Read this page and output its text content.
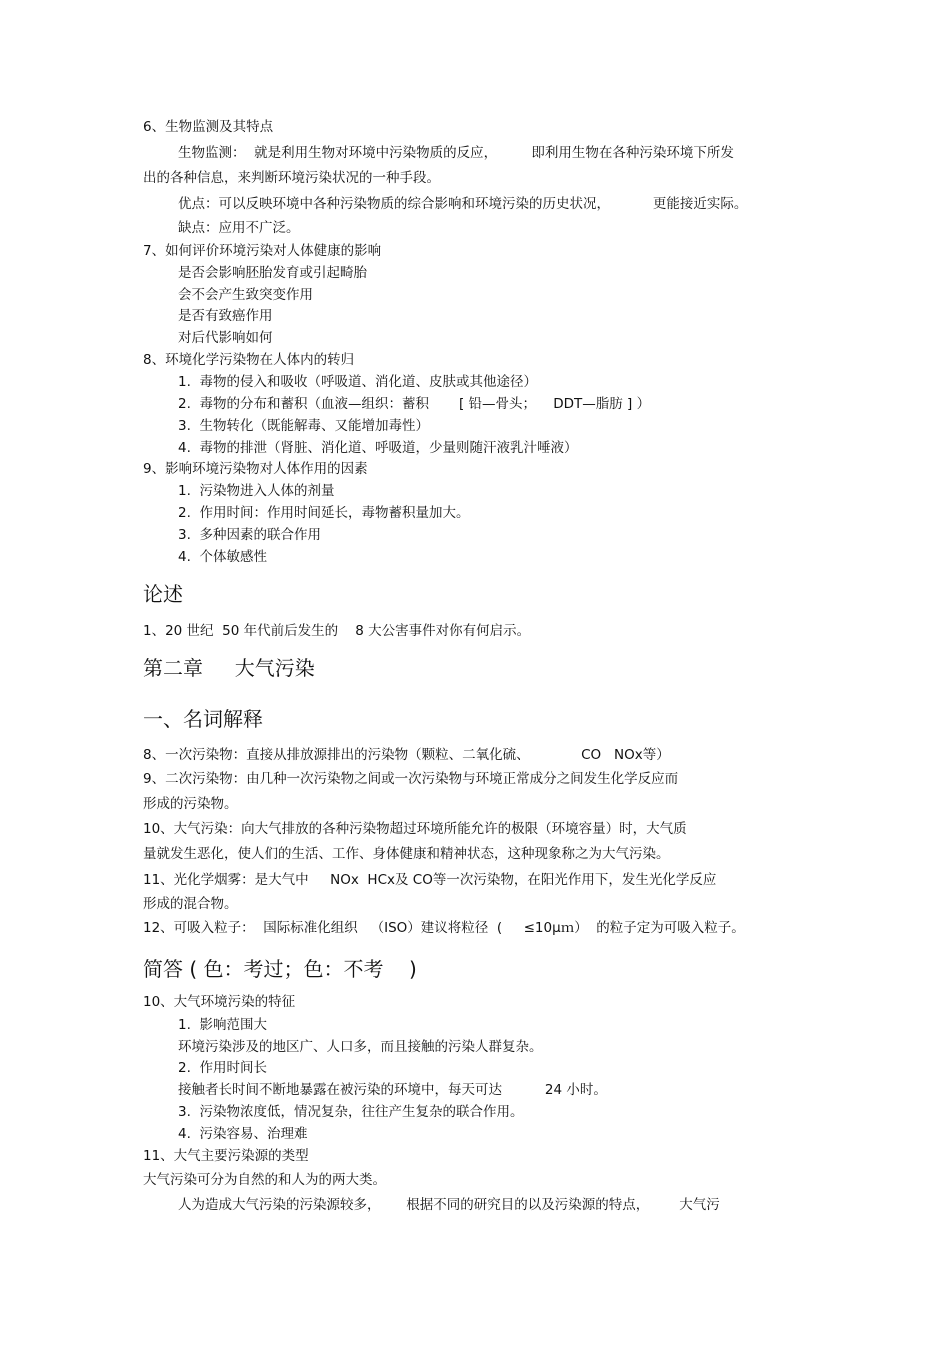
6、生物监测及其特点
生物监测：  就是利用生物对环境中污染物质的反应，        即利用生物在各种污染环境下所发
出的各种信息，来判断环境污染状况的一种手段。
优点：可以反映环境中各种污染物质的综合影响和环境污染的历史状况，          更能接近实际。
缺点：应用不广泛。
7、如何评价环境污染对人体健康的影响
是否会影响胚胎发育或引起畸胎
会不会产生致突变作用
是否有致癌作用
对后代影响如何
8、环境化学污染物在人体内的转归
1.  毒物的侵入和吸收（呼吸道、消化道、皮肤或其他途径）
2.  毒物的分布和蓄积（血液—组织：蓄积       [ 铅—骨头；    DDT—脂肪 ] ）
3.  生物转化（既能解毒、又能增加毒性）
4.  毒物的排泄（肾脏、消化道、呼吸道，少量则随汗液乳汁唾液）
9、影响环境污染物对人体作用的因素
1.  污染物进入人体的剂量
2.  作用时间：作用时间延长，毒物蓄积量加大。
3.  多种因素的联合作用
4.  个体敏感性
论述
1、20 世纪  50 年代前后发生的    8 大公害事件对你有何启示。
第二章     大气污染
一、名词解释
8、一次污染物：直接从排放源排出的污染物（颗粒、二氧化硫、            CO   NOx等）
9、二次污染物：由几种一次污染物之间或一次污染物与环境正常成分之间发生化学反应而
形成的污染物。
10、大气污染：向大气排放的各种污染物超过环境所能允许的极限（环境容量）时，大气质
量就发生恶化，使人们的生活、工作、身体健康和精神状态，这种现象称之为大气污染。
11、光化学烟雾：是大气中     NOx  HCx及 CO等一次污染物，在阳光作用下，发生光化学反应
形成的混合物。
12、可吸入粒子：  国际标准化组织   （ISO）建议将粒径  (     ≤10μｍ）  的粒子定为可吸入粒子。
简答 ( 色：考过；色：不考    )
10、大气环境污染的特征
1.  影响范围大
环境污染涉及的地区广、人口多，而且接触的污染人群复杂。
2.  作用时间长
接触者长时间不断地暴露在被污染的环境中，每天可达          24 小时。
3.  污染物浓度低，情况复杂，往往产生复杂的联合作用。
4.  污染容易、治理难
11、大气主要污染源的类型
大气污染可分为自然的和人为的两大类。
人为造成大气污染的污染源较多，      根据不同的研究目的以及污染源的特点，       大气污
